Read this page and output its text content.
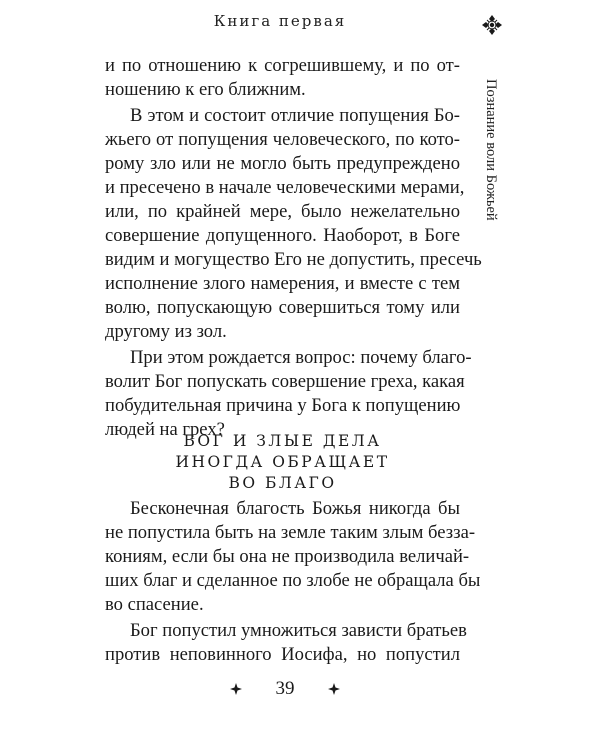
Книга первая
Познание воли Божьей
и по отношению к согрешившему, и по от-
ношению к его ближним.
В этом и состоит отличие попущения Бо-
жьего от попущения человеческого, по кото-
рому зло или не могло быть предупреждено
и пресечено в начале человеческими мерами,
или, по крайней мере, было нежелательно
совершение допущенного. Наоборот, в Боге
видим и могущество Его не допустить, пресечь
исполнение злого намерения, и вместе с тем
волю, попускающую совершиться тому или
другому из зол.
При этом рождается вопрос: почему благо-
волит Бог попускать совершение греха, какая
побудительная причина у Бога к попущению
людей на грех?
БОГ И ЗЛЫЕ ДЕЛА
ИНОГДА ОБРАЩАЕТ
ВО БЛАГО
Бесконечная благость Божья никогда бы
не попустила быть на земле таким злым безза-
кониям, если бы она не производила величай-
ших благ и сделанное по злобе не обращала бы
39
во спасение.
Бог попустил умножиться зависти братьев
против неповинного Иосифа, но попустил
